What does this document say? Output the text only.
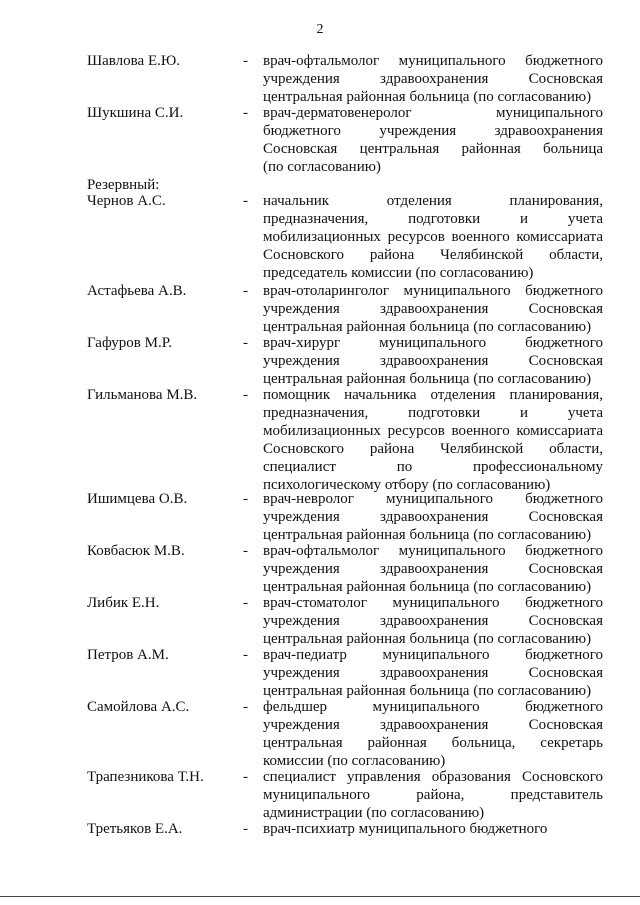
2
Резервный:
Шавлова Е.Ю.	- врач-офтальмолог муниципального бюджетного
учреждения здравоохранения Сосновская
центральная районная больница (по согласованию)
Шукшина С.И.	- врач-дерматовенеролог муниципального
бюджетного учреждения здравоохранения
Сосновская центральная районная больница
(по согласованию)
Чернов А.С.	- начальник отделения планирования,
предназначения, подготовки и учета
мобилизационных ресурсов военного комиссариата
Сосновского района Челябинской области,
председатель комиссии (по согласованию)
Астафьева А.В.	- врач-отоларинголог муниципального бюджетного
учреждения здравоохранения Сосновская
центральная районная больница (по согласованию)
Гафуров М.Р.	- врач-хирург муниципального бюджетного
учреждения здравоохранения Сосновская
центральная районная больница (по согласованию)
Гильманова М.В.	- помощник начальника отделения планирования,
предназначения, подготовки и учета
мобилизационных ресурсов военного комиссариата
Сосновского района Челябинской области,
специалист по профессиональному
психологическому отбору (по согласованию)
Ишимцева О.В.	- врач-невролог муниципального бюджетного
учреждения здравоохранения Сосновская
центральная районная больница (по согласованию)
Ковбасюк М.В.	- врач-офтальмолог муниципального бюджетного
учреждения здравоохранения Сосновская
центральная районная больница (по согласованию)
Либик Е.Н.	- врач-стоматолог муниципального бюджетного
учреждения здравоохранения Сосновская
центральная районная больница (по согласованию)
Петров А.М.	- врач-педиатр муниципального бюджетного
учреждения здравоохранения Сосновская
центральная районная больница (по согласованию)
Самойлова А.С.	- фельдшер муниципального бюджетного
учреждения здравоохранения Сосновская
центральная районная больница, секретарь
комиссии (по согласованию)
Трапезникова Т.Н.	- специалист управления образования Сосновского
муниципального района, представитель
администрации (по согласованию)
Третьяков Е.А.	- врач-психиатр муниципального бюджетного
